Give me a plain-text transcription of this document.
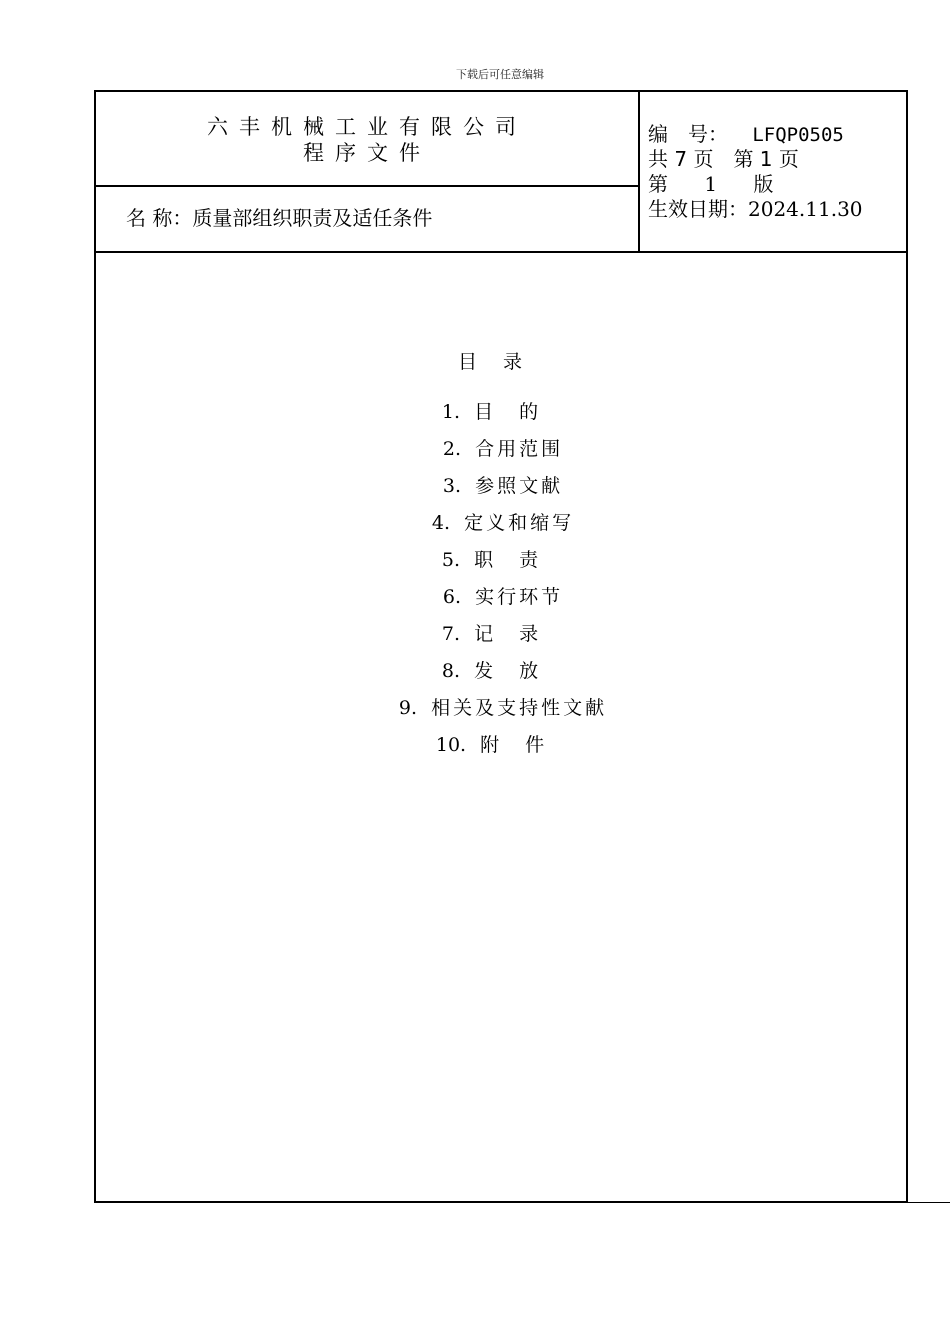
下载后可任意编辑
六丰机械工业有限公司
程序文件
名 称：质量部组织职责及适任条件
编　号： LFQP0505
共 7 页　第 1 页
第 1 版
生效日期：2024.11.30
目录
1. 目的
2. 合用范围
3. 参照文献
4. 定义和缩写
5. 职责
6. 实行环节
7. 记录
8. 发放
9. 相关及支持性文献
10. 附件
